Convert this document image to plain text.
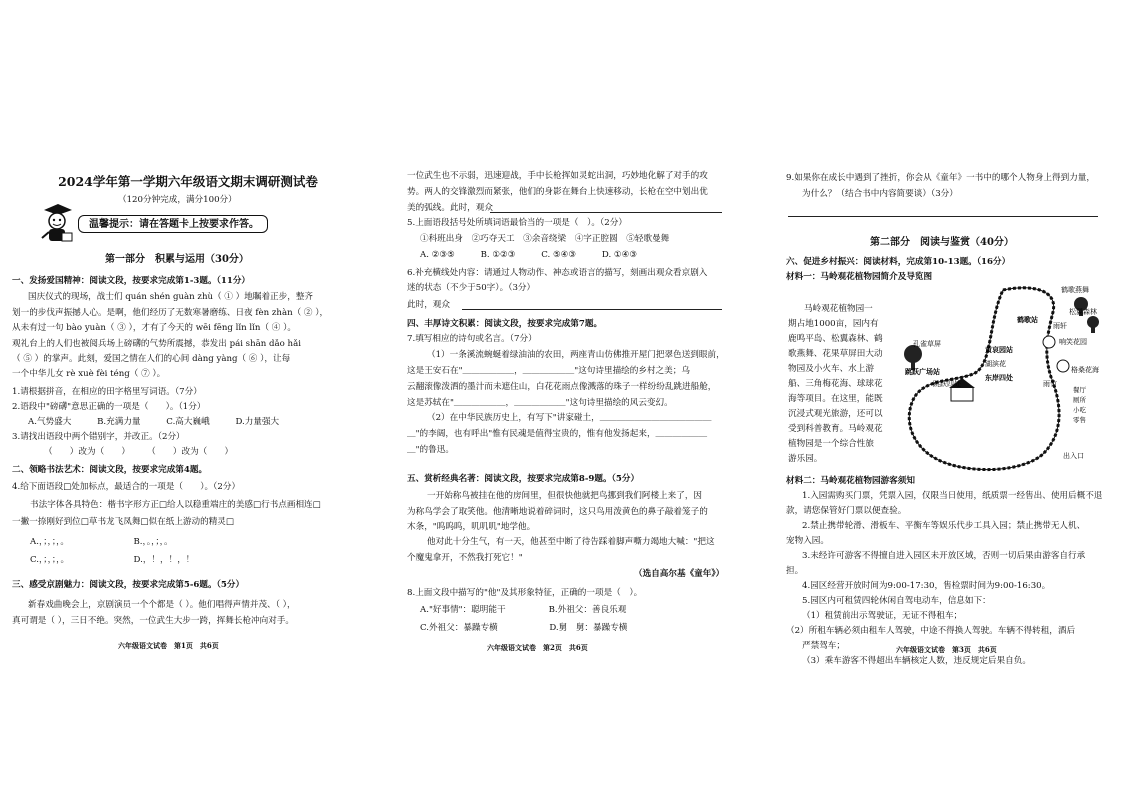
2024学年第一学期六年级语文期末调研测试卷

（120分钟完成，满分100分）

温馨提示：请在答题卡上按要求作答。

第一部分　积累与运用（30分）

一、发扬爱国精神：阅读文段，按要求完成第1-3题。（11分）

国庆仪式的现场，战士们 quán shén guàn zhù（ ① ）地瞩着正步，整齐

划一的步伐声振撼人心。是啊，他们经历了无数寒暑磨练、日夜 fèn zhàn（ ② ），

从未有过一句 bào yuàn（ ③ ），才有了今天的 wēi fēng lǐn lǐn（ ④ ）。

观礼台上的人们也被阅兵场上磅礴的气势所震撼，恭发出 pái shān dǎo hǎi

（ ⑤ ）的掌声。此刻，爱国之情在人们的心间 dàng yàng（ ⑥ ），让每

一个中华儿女 rè xuè fèi téng（ ⑦ ）。

1.请根据拼音，在相应的田字格里写词语。（7分）

2.语段中"磅礴"意思正确的一项是（　　）。（1分）

A.气势盛大　　　B.充满力量　　　C.高大巍峨　　　D.力量强大

3.请找出语段中两个错别字，并改正。（2分）

（　　）改为（　　）　　　（　　）改为（　　）

二、领略书法艺术：阅读文段，按要求完成第4题。

4.给下面语段□处加标点，最适合的一项是（　　）。（2分）

书法字体各具特色：楷书字形方正□给人以稳重端庄的美感□行书点画相连□

一撇一捺刚好到位□草书龙飞凤舞□似在纸上游动的精灵□

A.，；，；，。　　　　　　　　B.，。，；，。

C.，；，；，。　　　　　　　　D.，！，！，！

三、感受京剧魅力：阅读文段，按要求完成第5-6题。（5分）

新春戏曲晚会上，京剧演员一个个都是（ ）。他们唱得声情并茂、（ ），

真可谓是（ ），三日不绝。突然，一位武生大步一跨，挥舞长枪冲向对手。

六年级语文试卷　第1页　共6页

一位武生也不示弱，迅速迎战，手中长枪挥如灵蛇出洞，巧妙地化解了对手的攻

势。两人的交锋激烈而紧张，他们的身影在舞台上快速移动，长枪在空中划出优

美的弧线。此时，观众

5.上面语段括号处所填词语最恰当的一项是（　）。（2分）

①科班出身　②巧夺天工　③余音绕梁　④字正腔圆　⑤轻歌曼舞

A. ②③⑤　　　B. ①②③　　　C. ⑤④③　　　D. ①④③

6.补充横线处内容：请通过人物动作、神态或语言的描写，刻画出观众看京剧入

迷的状态（不少于50字）。（3分）

此时，观众

四、丰厚诗文积累：阅读文段，按要求完成第7题。

7.填写相应的诗句或名言。（7分）

（1）一条溪流蜿蜒着绿油油的农田，两座青山仿佛推开屋门把翠色送到眼前，

这是王安石在"＿＿＿＿＿＿，＿＿＿＿＿＿"这句诗里描绘的乡村之美；乌

云翻滚像泼洒的墨汁而未遮住山，白花花雨点像溅落的珠子一样纷纷乱跳进船舱，

这是苏轼在"＿＿＿＿＿＿，＿＿＿＿＿＿"这句诗里描绘的风云变幻。

（2）在中华民族历史上，有写下"讲家碰土，＿＿＿＿＿＿＿＿＿＿＿＿＿

＿"的李阔，也有呼出"惟有民魂是值得宝贵的，惟有他发扬起来，＿＿＿＿＿＿

＿"的鲁迅。

五、赏析经典名著：阅读文段，按要求完成第8-9题。（5分）

一开始称鸟被挂在他的房间里，但很快他就把鸟挪到我们阿楼上来了，因

为称鸟学会了取笑他。他清晰地说着碎词时，这只鸟用泼黄色的鼻子敲着笼子的

木条，"呜呜呜，叽叽叽"地学他。

他对此十分生气，有一天，他甚至中断了待告踩着脚声嘶力竭地大喊："把这

个魔鬼拿开，不然我打死它！"

（选自高尔基《童年》）

8.上面文段中描写的"他"及其形象特征，正确的一项是（　）。

A."好事情"：聪明能干　　　　　B.外祖父：善良乐观

C.外祖父：暴躁专横　　　　　　D.舅　舅：暴躁专横

六年级语文试卷　第2页　共6页

9.如果你在成长中遇到了挫折，你会从《童年》一书中的哪个人物身上得到力量，

为什么？（结合书中内容简要谈）（3分）

第二部分　阅读与鉴赏（40分）

六、促进乡村振兴：阅读材料，完成第10-13题。（16分）

材料一：马岭观花植物园简介及导览图

马岭观花植物园一

期占地1000亩，园内有

鹿鸣平岛、松翼森林、鹤

歌燕舞、花果草屏田大动

物园及小火车、水上游

船、三角梅花海、球球花

海等项目。在这里，能既

沉浸式观光旅游，还可以

受到科普教育。马岭观花

植物园是一个综合性旅

游乐园。

材料二：马岭观花植物园游客须知

1.入园需购买门票，凭票入园，仅限当日使用，纸质票一经售出、使用后概不退

款，请您保管好门票以便查验。

2.禁止携带轮滑、滑板车、平衡车等娱乐代步工具入园；禁止携带无人机、

宠物入园。

3.未经许可游客不得擅自进入园区未开放区域，否则一切后果由游客自行承

担。

4.园区经营开放时间为9:00-17:30，售检票时间为9:00-16:30。

5.园区内可租赁四轮休闲自驾电动车，信息如下：

（1）租赁前出示驾驶证，无证不得租车；

（2）所租车辆必须由租车人驾驶，中途不得换人驾驶。车辆不得转租，酒后

严禁驾车；

（3）乘车游客不得超出车辆核定人数，违反规定后果自负。

六年级语文试卷　第3页　共6页

鹤歌燕舞
松翼森林
鹤歌站
孔雀草屏
跳跃广场站
跳跃四处
黄哀园站
湖滨花
东岸四处
雨轩
响笑花园
格桑花海
雨竹
餐厅
厕所
小吃
零售
出入口
